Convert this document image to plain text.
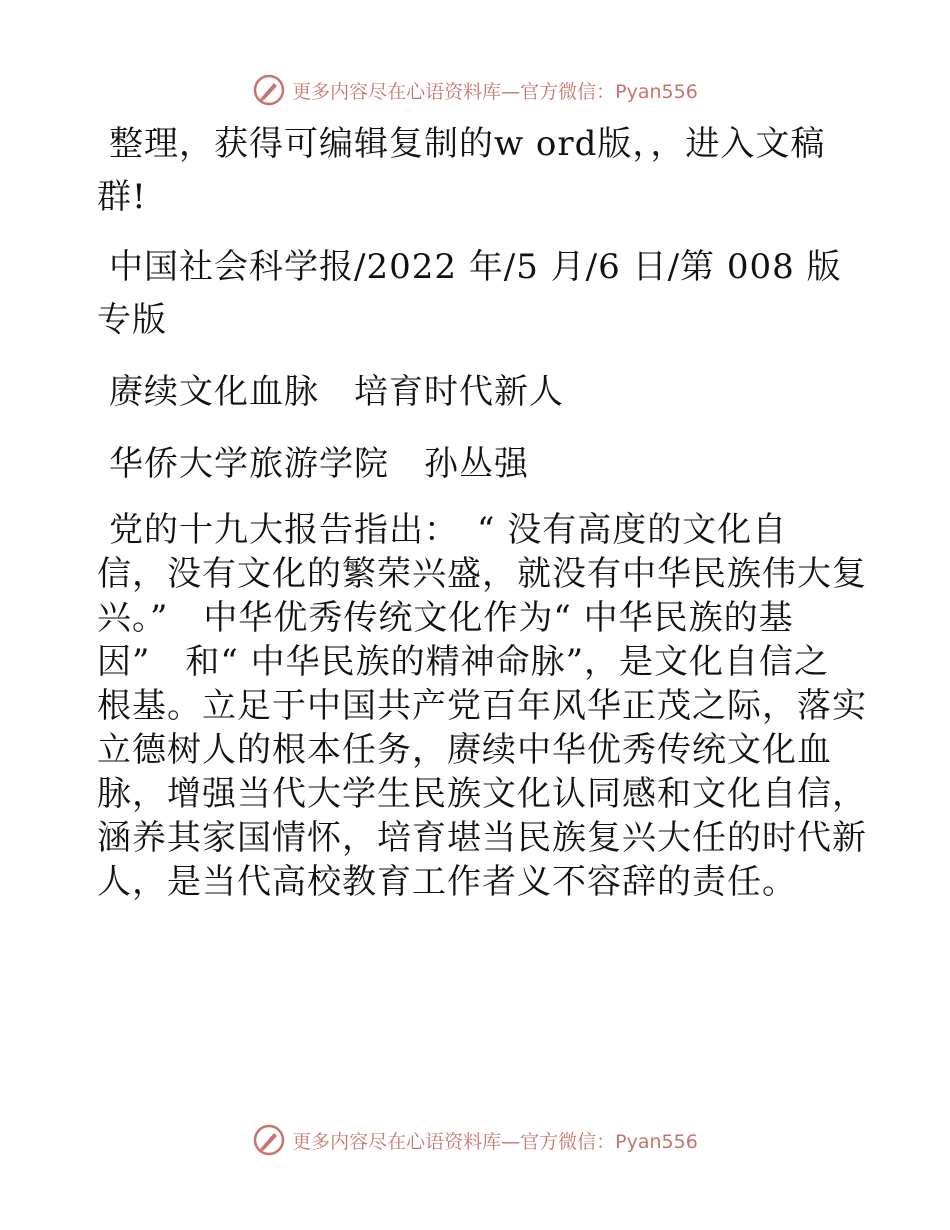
更多内容尽在心语资料库—官方微信：Pyan556

整理，获得可编辑复制的w ord版，，进入文稿群!

中国社会科学报/2022 年/5 月/6 日/第 008 版专版

赓续文化血脉　培育时代新人

华侨大学旅游学院　孙丛强

党的十九大报告指出：　“ 没有高度的文化自
信，没有文化的繁荣兴盛，就没有中华民族伟大复
兴。”　中华优秀传统文化作为“ 中华民族的基
因”　和“ 中华民族的精神命脉”，是文化自信之
根基。立足于中国共产党百年风华正茂之际，落实
立德树人的根本任务，赓续中华优秀传统文化血
脉，增强当代大学生民族文化认同感和文化自信，
涵养其家国情怀，培育堪当民族复兴大任的时代新
人，是当代高校教育工作者义不容辞的责任。
更多内容尽在心语资料库—官方微信：Pyan556
